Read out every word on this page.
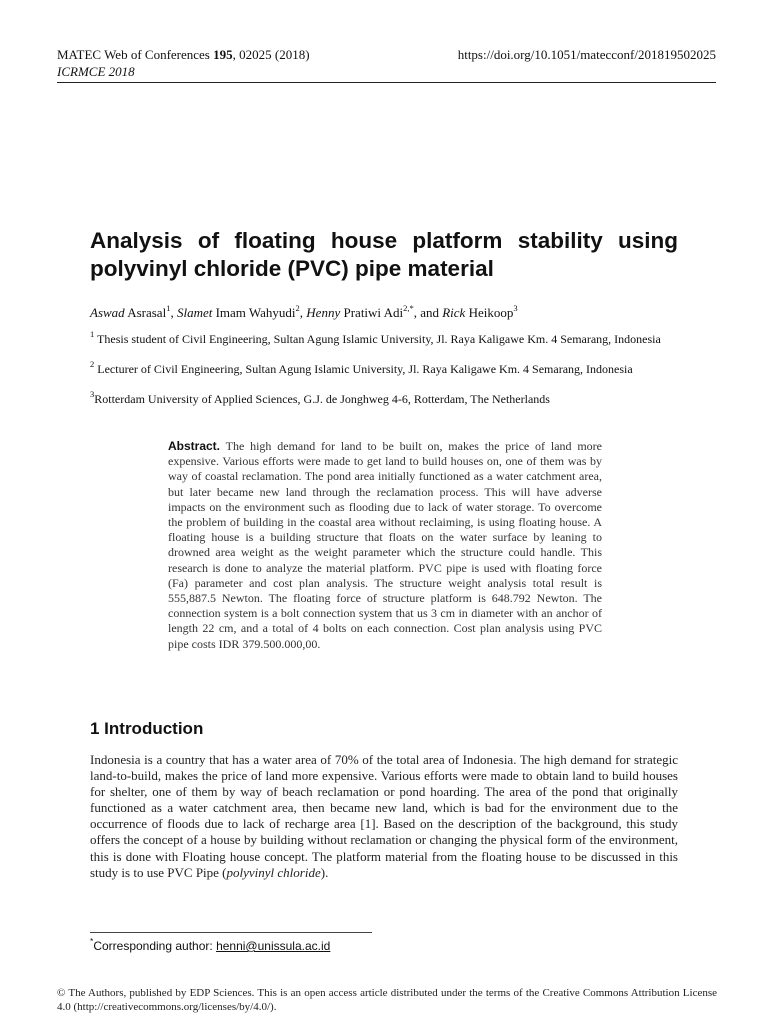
MATEC Web of Conferences 195, 02025 (2018)
ICRMCE 2018
https://doi.org/10.1051/matecconf/201819502025
Analysis of floating house platform stability using polyvinyl chloride (PVC) pipe material
Aswad Asrasal$^1$, Slamet Imam Wahyudi$^2$, Henny Pratiwi Adi$^{2,*}$, and Rick Heikoop$^3$
$^1$ Thesis student of Civil Engineering, Sultan Agung Islamic University, Jl. Raya Kaligawe Km. 4 Semarang, Indonesia
$^2$ Lecturer of Civil Engineering, Sultan Agung Islamic University, Jl. Raya Kaligawe Km. 4 Semarang, Indonesia
$^3$Rotterdam University of Applied Sciences, G.J. de Jonghweg 4-6, Rotterdam, The Netherlands

Abstract. The high demand for land to be built on, makes the price of land more expensive. Various efforts were made to get land to build houses on, one of them was by way of coastal reclamation. The pond area initially functioned as a water catchment area, but later became new land through the reclamation process. This will have adverse impacts on the environment such as flooding due to lack of water storage. To overcome the problem of building in the coastal area without reclaiming, is using floating house. A floating house is a building structure that floats on the water surface by leaning to drowned area weight as the weight parameter which the structure could handle. This research is done to analyze the material platform. PVC pipe is used with floating force (Fa) parameter and cost plan analysis. The structure weight analysis total result is 555,887.5 Newton. The floating force of structure platform is 648.792 Newton. The connection system is a bolt connection system that us 3 cm in diameter with an anchor of length 22 cm, and a total of 4 bolts on each connection. Cost plan analysis using PVC pipe costs IDR 379.500.000,00.

1 Introduction

Indonesia is a country that has a water area of 70% of the total area of Indonesia. The high demand for strategic land-to-build, makes the price of land more expensive. Various efforts were made to obtain land to build houses for shelter, one of them by way of beach reclamation or pond hoarding. The area of the pond that originally functioned as a water catchment area, then became new land, which is bad for the environment due to the occurrence of floods due to lack of recharge area [1]. Based on the description of the background, this study offers the concept of a house by building without reclamation or changing the physical form of the environment, this is done with Floating house concept. The platform material from the floating house to be discussed in this study is to use PVC Pipe (polyvinyl chloride).

*Corresponding author: henni@unissula.ac.id

© The Authors, published by EDP Sciences. This is an open access article distributed under the terms of the Creative Commons Attribution License 4.0 (http://creativecommons.org/licenses/by/4.0/).
